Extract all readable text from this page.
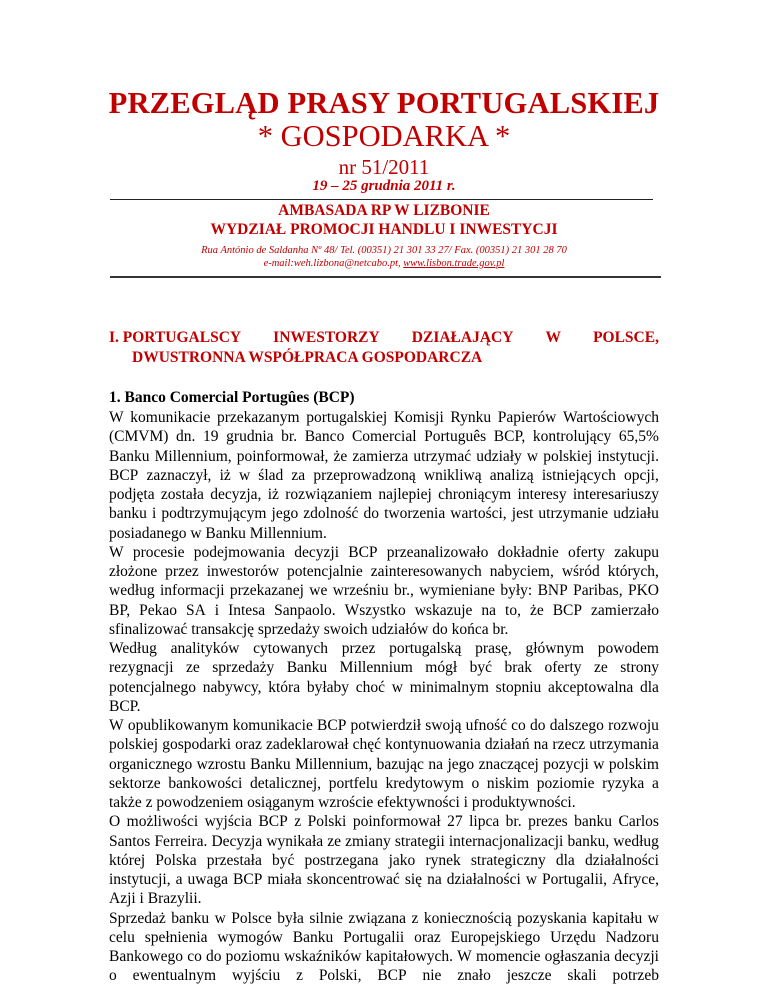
PRZEGLĄD PRASY PORTUGALSKIEJ
* GOSPODARKA *
nr 51/2011
19 – 25 grudnia 2011 r.
AMBASADA RP W LIZBONIE
WYDZIAŁ PROMOCJI HANDLU I INWESTYCJI
Rua António de Saldanha Nº 48/ Tel. (00351) 21 301 33 27/ Fax. (00351) 21 301 28 70
e-mail:weh.lizbona@netcabo.pt, www.lisbon.trade.gov.pl
I. PORTUGALSCY INWESTORZY DZIAŁAJĄCY W POLSCE,
DWUSTRONNA WSPÓŁPRACA GOSPODARCZA
1. Banco Comercial Portugûes (BCP)
W komunikacie przekazanym portugalskiej Komisji Rynku Papierów Wartościowych
(CMVM) dn. 19 grudnia br. Banco Comercial Português BCP, kontrolujący 65,5%
Banku Millennium, poinformował, że zamierza utrzymać udziały w polskiej instytucji.
BCP zaznaczył, iż w ślad za przeprowadzoną wnikliwą analizą istniejących opcji,
podjęta została decyzja, iż rozwiązaniem najlepiej chroniącym interesy interesariuszy
banku i podtrzymującym jego zdolność do tworzenia wartości, jest utrzymanie udziału
posiadanego w Banku Millennium.
W procesie podejmowania decyzji BCP przeanalizowało dokładnie oferty zakupu
złożone przez inwestorów potencjalnie zainteresowanych nabyciem, wśród których,
według informacji przekazanej we wrześniu br., wymieniane były: BNP Paribas, PKO
BP, Pekao SA i Intesa Sanpaolo. Wszystko wskazuje na to, że BCP zamierzało
sfinalizować transakcję sprzedaży swoich udziałów do końca br.
Według analityków cytowanych przez portugalską prasę, głównym powodem
rezygnacji ze sprzedaży Banku Millennium mógł być brak oferty ze strony
potencjalnego nabywcy, która byłaby choć w minimalnym stopniu akceptowalna dla
BCP.
W opublikowanym komunikacie BCP potwierdził swoją ufność co do dalszego rozwoju
polskiej gospodarki oraz zadeklarował chęć kontynuowania działań na rzecz utrzymania
organicznego wzrostu Banku Millennium, bazując na jego znaczącej pozycji w polskim
sektorze bankowości detalicznej, portfelu kredytowym o niskim poziomie ryzyka a
także z powodzeniem osiąganym wzroście efektywności i produktywności.
O możliwości wyjścia BCP z Polski poinformował 27 lipca br. prezes banku Carlos
Santos Ferreira. Decyzja wynikała ze zmiany strategii internacjonalizacji banku, według
której Polska przestała być postrzegana jako rynek strategiczny dla działalności
instytucji, a uwaga BCP miała skoncentrować się na działalności w Portugalii, Afryce,
Azji i Brazylii.
Sprzedaż banku w Polsce była silnie związana z koniecznością pozyskania kapitału w
celu spełnienia wymogów Banku Portugalii oraz Europejskiego Urzędu Nadzoru
Bankowego co do poziomu wskaźników kapitałowych. W momencie ogłaszania decyzji
o ewentualnym wyjściu z Polski, BCP nie znało jeszcze skali potrzeb
